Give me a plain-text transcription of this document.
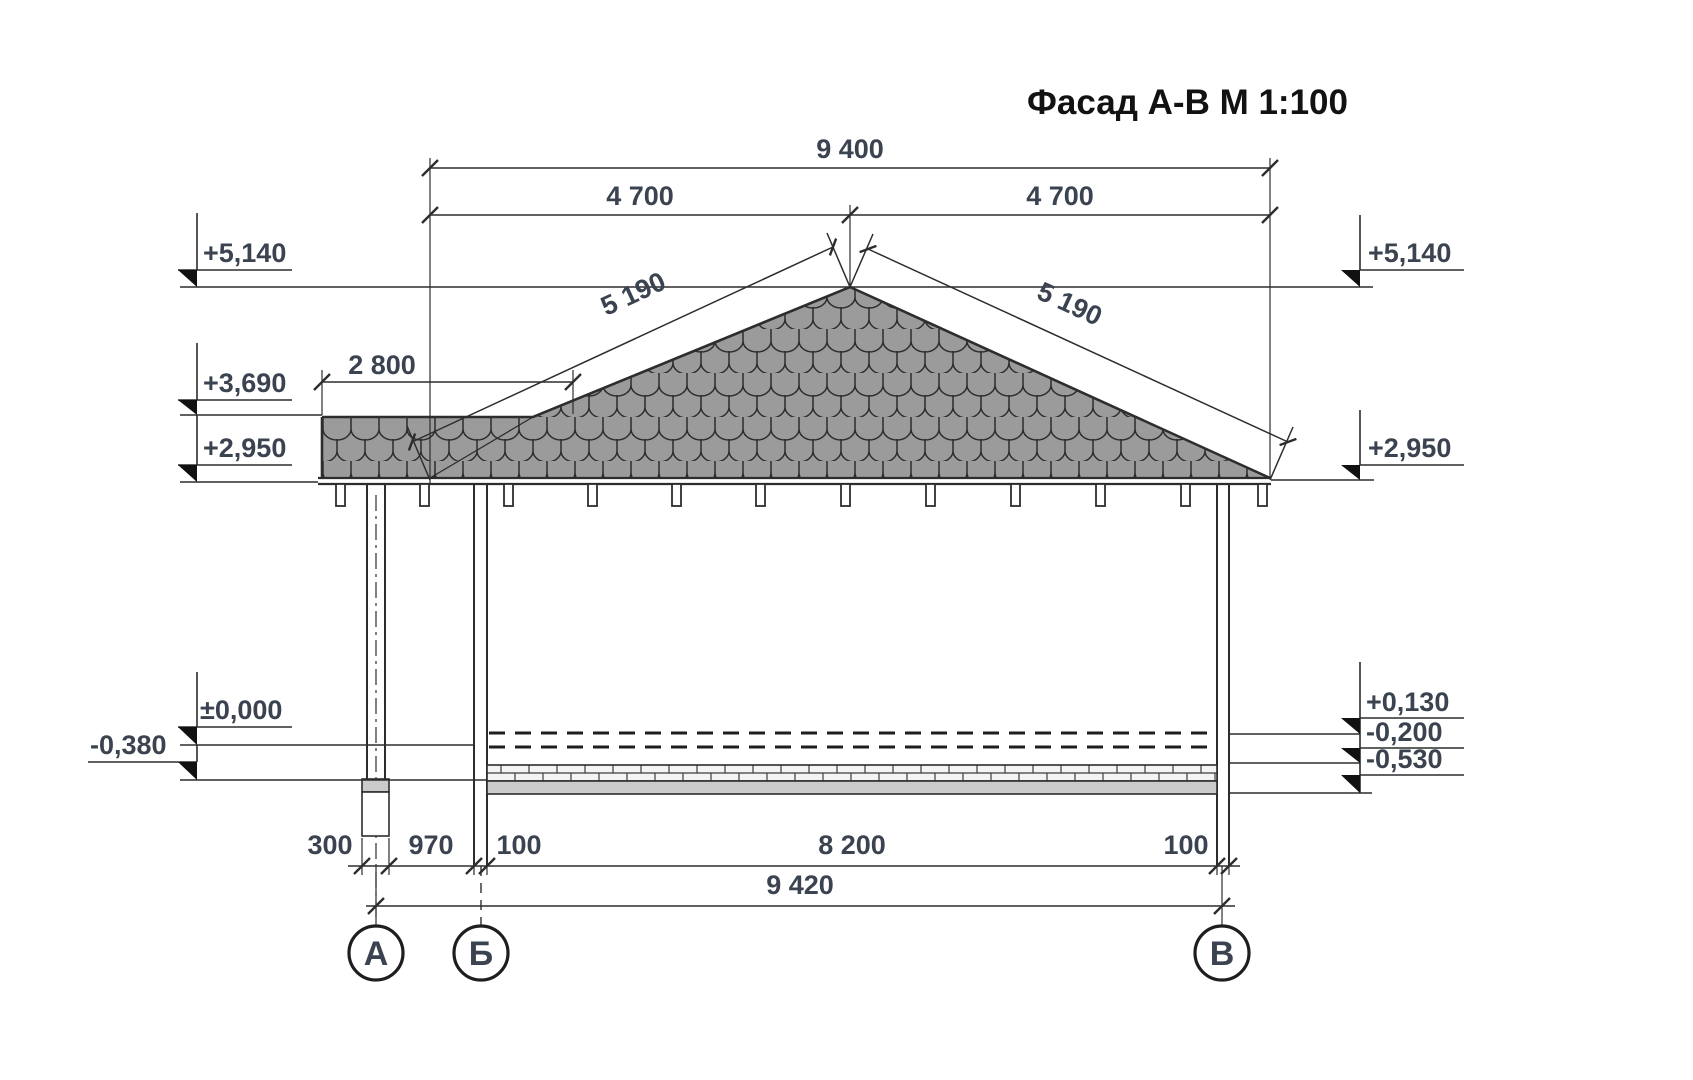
Фасад А-В М 1:100
9 400
4 700	4 700
2 800
5 190	5 190
300 970 100	8 200	100
9 420
+5,140
+3,690
+2,950
±0,000
-0,380
+5,140
+2,950
+0,130
-0,200
-0,530
А Б	В
